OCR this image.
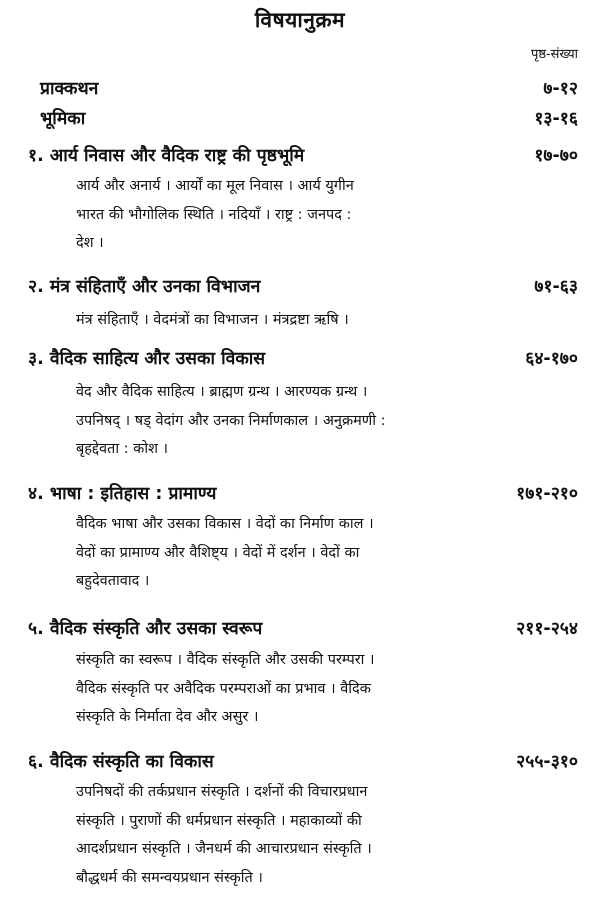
विषयानुक्रम
पृष्ठ-संख्या
प्राक्कथन	७-१२
भूमिका	१३-१६
१. आर्य निवास और वैदिक राष्ट्र की पृष्ठभूमि	१७-७०
आर्य और अनार्य । आर्यों का मूल निवास । आर्य युगीन
भारत की भौगोलिक स्थिति । नदियाँ । राष्ट्र : जनपद :
देश ।
२. मंत्र संहिताएँ और उनका विभाजन	७१-६३
मंत्र संहिताएँ । वेदमंत्रों का विभाजन । मंत्रद्रष्टा ऋषि ।
३. वैदिक साहित्य और उसका विकास	६४-१७०
वेद और वैदिक साहित्य । ब्राह्मण ग्रन्थ । आरण्यक ग्रन्थ ।
उपनिषद् । षड् वेदांग और उनका निर्माणकाल । अनुक्रमणी :
बृहद्देवता : कोश ।
४. भाषा : इतिहास : प्रामाण्य	१७१-२१०
वैदिक भाषा और उसका विकास । वेदों का निर्माण काल ।
वेदों का प्रामाण्य और वैशिष्ट्य । वेदों में दर्शन । वेदों का
बहुदेवतावाद ।
५. वैदिक संस्कृति और उसका स्वरूप	२११-२५४
संस्कृति का स्वरूप । वैदिक संस्कृति और उसकी परम्परा ।
वैदिक संस्कृति पर अवैदिक परम्पराओं का प्रभाव । वैदिक
संस्कृति के निर्माता देव और असुर ।
६. वैदिक संस्कृति का विकास	२५५-३१०
उपनिषदों की तर्कप्रधान संस्कृति । दर्शनों की विचारप्रधान
संस्कृति । पुराणों की धर्मप्रधान संस्कृति । महाकाव्यों की
आदर्शप्रधान संस्कृति । जैनधर्म की आचारप्रधान संस्कृति ।
बौद्धधर्म की समन्वयप्रधान संस्कृति ।
